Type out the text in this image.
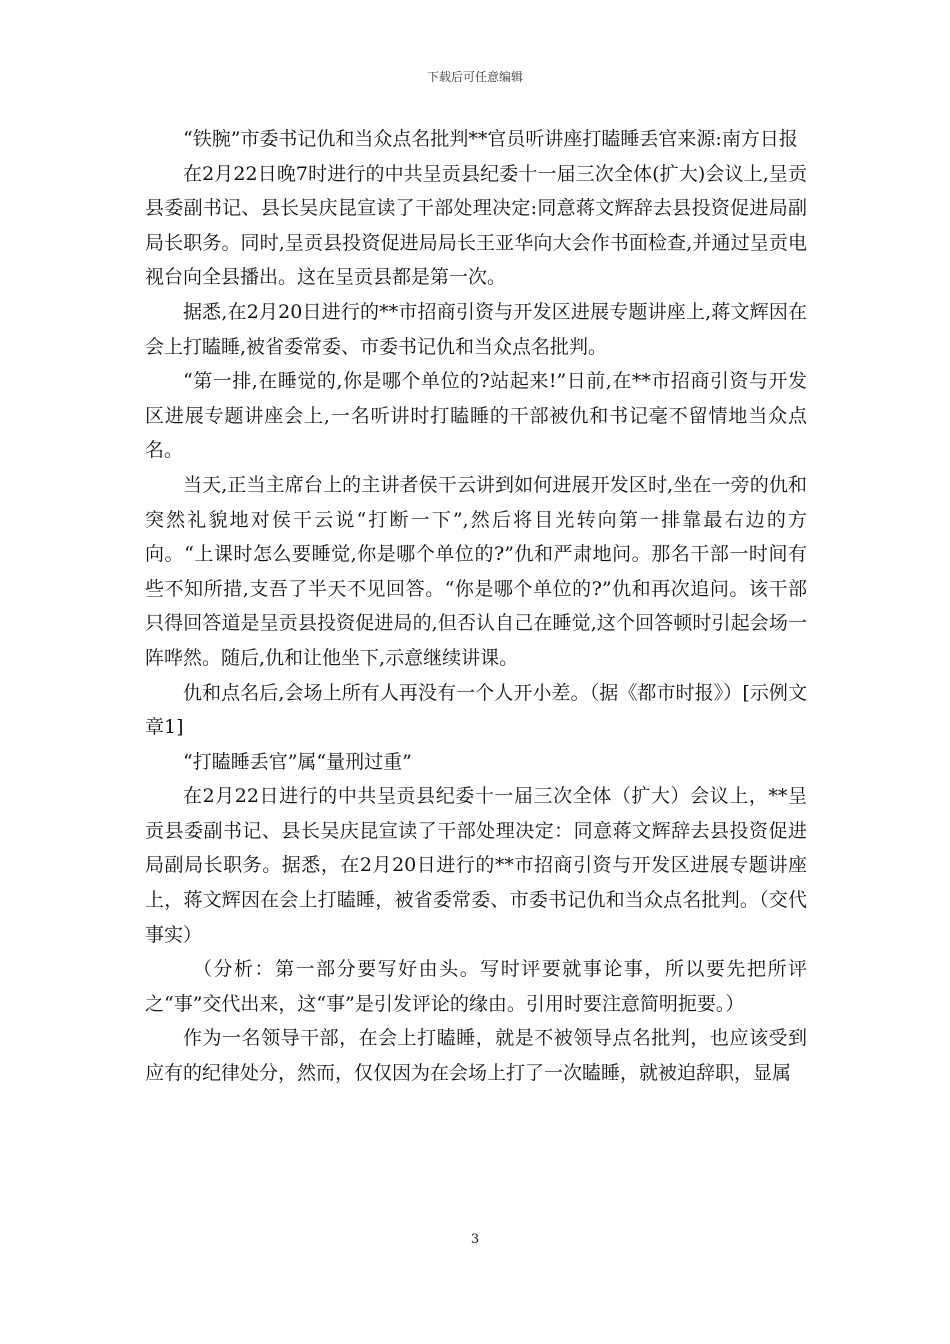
下载后可任意编辑

“铁腕”市委书记仇和当众点名批判**官员听讲座打瞌睡丢官来源:南方日报

在2月22日晚7时进行的中共呈贡县纪委十一届三次全体(扩大)会议上,呈贡县委副书记、县长吴庆昆宣读了干部处理决定:同意蒋文辉辞去县投资促进局副局长职务。同时,呈贡县投资促进局局长王亚华向大会作书面检查,并通过呈贡电视台向全县播出。这在呈贡县都是第一次。

据悉,在2月20日进行的**市招商引资与开发区进展专题讲座上,蒋文辉因在会上打瞌睡,被省委常委、市委书记仇和当众点名批判。

“第一排,在睡觉的,你是哪个单位的?站起来!”日前,在**市招商引资与开发区进展专题讲座会上,一名听讲时打瞌睡的干部被仇和书记毫不留情地当众点名。

当天,正当主席台上的主讲者侯干云讲到如何进展开发区时,坐在一旁的仇和突然礼貌地对侯干云说“打断一下”,然后将目光转向第一排靠最右边的方向。“上课时怎么要睡觉,你是哪个单位的?”仇和严肃地问。那名干部一时间有些不知所措,支吾了半天不见回答。“你是哪个单位的?”仇和再次追问。该干部只得回答道是呈贡县投资促进局的,但否认自己在睡觉,这个回答顿时引起会场一阵哗然。随后,仇和让他坐下,示意继续讲课。

仇和点名后,会场上所有人再没有一个人开小差。（据《都市时报》）[示例文章1]

“打瞌睡丢官”属“量刑过重”

在2月22日进行的中共呈贡县纪委十一届三次全体（扩大）会议上，**呈贡县委副书记、县长吴庆昆宣读了干部处理决定：同意蒋文辉辞去县投资促进局副局长职务。据悉，在2月20日进行的**市招商引资与开发区进展专题讲座上，蒋文辉因在会上打瞌睡，被省委常委、市委书记仇和当众点名批判。（交代事实）

（分析：第一部分要写好由头。写时评要就事论事，所以要先把所评之“事”交代出来，这“事”是引发评论的缘由。引用时要注意简明扼要。）

作为一名领导干部，在会上打瞌睡，就是不被领导点名批判，也应该受到应有的纪律处分，然而，仅仅因为在会场上打了一次瞌睡，就被迫辞职，显属

3
